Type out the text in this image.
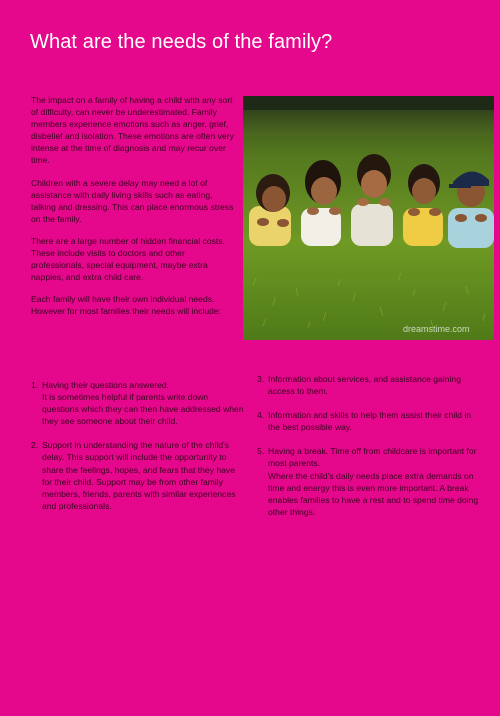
What are the needs of the family?

The impact on a family of having a child with any sort of difficulty, can never be underestimated. Family members experience emotions such as anger, grief, disbelief and isolation. These emotions are often very intense at the time of diagnosis and may recur over time.

Children with a severe delay may need a lot of assistance with daily living skills such as eating, talking and dressing. This can place enormous stress on the family.

There are a large number of hidden financial costs. These include visits to doctors and other professionals, special equipment, maybe extra nappies, and extra child care.

Each family will have their own individual needs. However for most families their needs will include:

dreamstime.com
1. Having their questions answered.
It is sometimes helpful if parents write down questions which they can then have addressed when they see someone about their child.
2. Support in understanding the nature of the child's delay. This support will include the opportunity to share the feelings, hopes, and fears that they have for their child. Support may be from other family members, friends, parents with similar experiences and professionals.
3. Information about services, and assistance gaining access to them.
4. Information and skills to help them assist their child in the best possible way.
5. Having a break. Time off from childcare is important for most parents.
Where the child's daily needs place extra demands on time and energy this is even more important. A break enables families to have a rest and to spend time doing other things.
